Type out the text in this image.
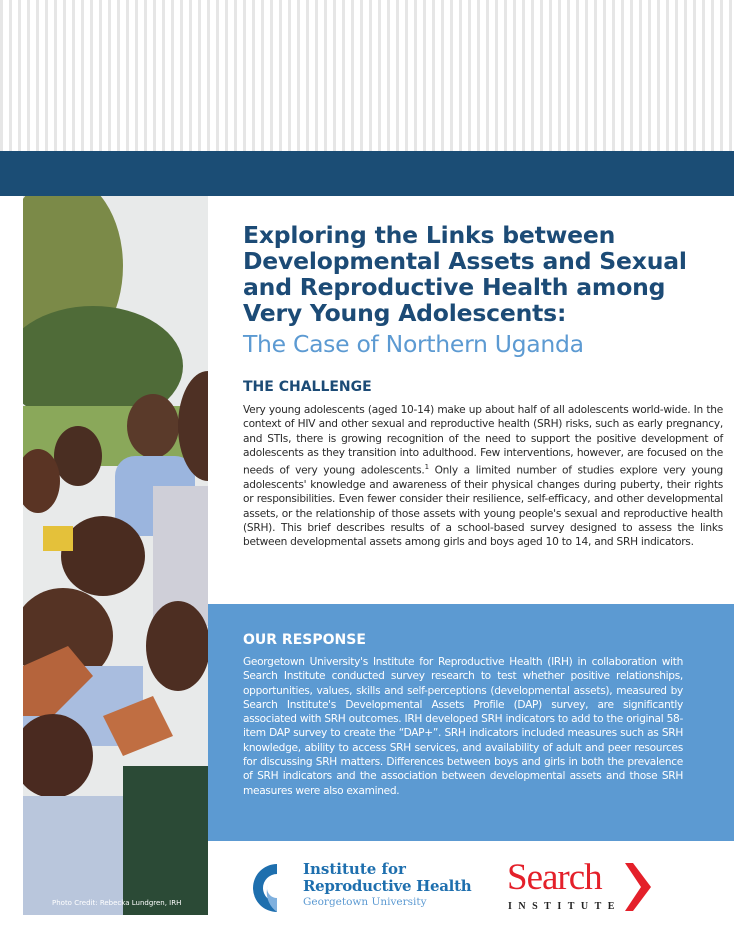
Photo Credit: Rebecka Lundgren, IRH
Exploring the Links between
Developmental Assets and Sexual
and Reproductive Health among
Very Young Adolescents:
The Case of Northern Uganda
THE CHALLENGE
Very young adolescents (aged 10-14) make up about half of all adolescents world-wide. In the context of HIV and other sexual and reproductive health (SRH) risks, such as early pregnancy, and STIs, there is growing recognition of the need to support the positive development of adolescents as they transition into adulthood. Few interventions, however, are focused on the needs of very young adolescents.$^1$ Only a limited number of studies explore very young adolescents' knowledge and awareness of their physical changes during puberty, their rights or responsibilities. Even fewer consider their resilience, self-efficacy, and other developmental assets, or the relationship of those assets with young people's sexual and reproductive health (SRH). This brief describes results of a school-based survey designed to assess the links between developmental assets among girls and boys aged 10 to 14, and SRH indicators.
OUR RESPONSE
Georgetown University's Institute for Reproductive Health (IRH) in collaboration with Search Institute conducted survey research to test whether positive relationships, opportunities, values, skills and self-perceptions (developmental assets), measured by Search Institute's Developmental Assets Profile (DAP) survey, are significantly associated with SRH outcomes. IRH developed SRH indicators to add to the original 58-item DAP survey to create the “DAP+”. SRH indicators included measures such as SRH knowledge, ability to access SRH services, and availability of adult and peer resources for discussing SRH matters. Differences between boys and girls in both the prevalence of SRH indicators and the association between developmental assets and those SRH measures were also examined.
Institute for
Reproductive Health
Georgetown University
Search
INSTITUTE
